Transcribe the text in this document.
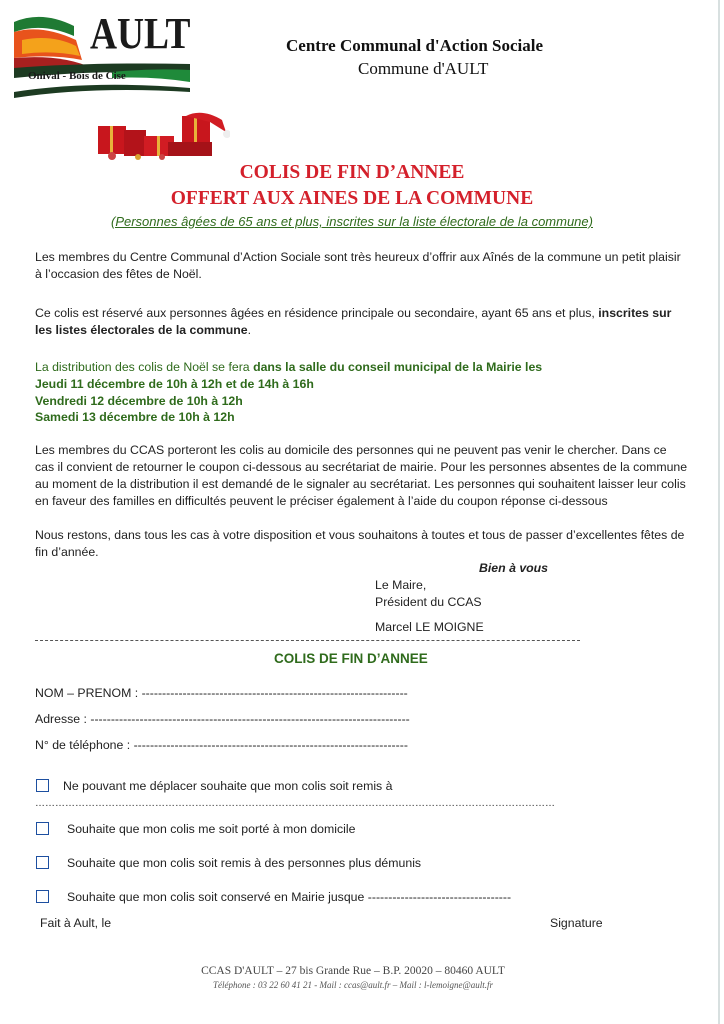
AULT
Onival - Bois de Cise
Centre Communal d'Action Sociale
Commune d'AULT
COLIS DE FIN D’ANNEE
OFFERT AUX AINES DE LA COMMUNE
(Personnes âgées de 65 ans et plus, inscrites sur la liste électorale de la commune)
Les membres du Centre Communal d’Action Sociale sont très heureux d’offrir aux Aînés de la commune un petit plaisir
à l’occasion des fêtes de Noël.
Ce colis est réservé aux personnes âgées en résidence principale ou secondaire, ayant 65 ans et plus, inscrites sur
les listes électorales de la commune.
La distribution des colis de Noël se fera dans la salle du conseil municipal de la Mairie les
Jeudi 11 décembre de 10h à 12h et de 14h à 16h
Vendredi 12 décembre de 10h à 12h
Samedi 13 décembre de 10h à 12h
Les membres du CCAS porteront les colis au domicile des personnes qui ne peuvent pas venir le chercher. Dans ce
cas il convient de retourner le coupon ci-dessous au secrétariat de mairie. Pour les personnes absentes de la commune
au moment de la distribution il est demandé de le signaler au secrétariat. Les personnes qui souhaitent laisser leur colis
en faveur des familles en difficultés peuvent le préciser également à l’aide du coupon réponse ci-dessous
Nous restons, dans tous les cas à votre disposition et vous souhaitons à toutes et tous de passer d’excellentes fêtes de
fin d’année.
Bien à vous
Le Maire,
Président du CCAS
Marcel LE MOIGNE
COLIS DE FIN D’ANNEE
NOM – PRENOM : -----------------------------------------------------------------
Adresse : ------------------------------------------------------------------------------
N° de téléphone : -------------------------------------------------------------------
Ne pouvant me déplacer souhaite que mon colis soit remis à
…………………………………………………………………………………………………………………………………………
Souhaite que mon colis me soit porté à mon domicile
Souhaite que mon colis soit remis à des personnes plus démunis
Souhaite que mon colis soit conservé en Mairie jusque -----------------------------------
Fait à Ault, le	Signature
CCAS D'AULT – 27 bis Grande Rue – B.P. 20020 – 80460 AULT
Téléphone : 03 22 60 41 21 - Mail : ccas@ault.fr – Mail : l-lemoigne@ault.fr
